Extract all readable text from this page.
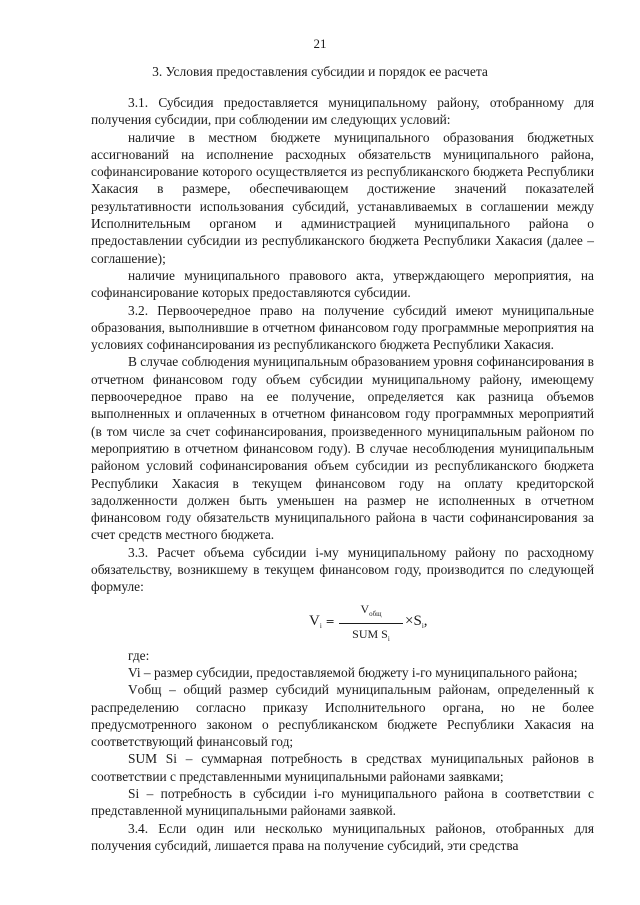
21
3. Условия предоставления субсидии и порядок ее расчета

3.1. Субсидия предоставляется муниципальному району, отобранному для получения субсидии, при соблюдении им следующих условий:

наличие в местном бюджете муниципального образования бюджетных ассигнований на исполнение расходных обязательств муниципального района, софинансирование которого осуществляется из республиканского бюджета Республики Хакасия в размере, обеспечивающем достижение значений показателей результативности использования субсидий, устанавливаемых в соглашении между Исполнительным органом и администрацией муниципального района о предоставлении субсидии из республиканского бюджета Республики Хакасия (далее – соглашение);

наличие муниципального правового акта, утверждающего мероприятия, на софинансирование которых предоставляются субсидии.

3.2. Первоочередное право на получение субсидий имеют муниципальные образования, выполнившие в отчетном финансовом году программные мероприятия на условиях софинансирования из республиканского бюджета Республики Хакасия.

В случае соблюдения муниципальным образованием уровня софинансирования в отчетном финансовом году объем субсидии муниципальному району, имеющему первоочередное право на ее получение, определяется как разница объемов выполненных и оплаченных в отчетном финансовом году программных мероприятий (в том числе за счет софинансирования, произведенного муниципальным районом по мероприятию в отчетном финансовом году). В случае несоблюдения муниципальным районом условий софинансирования объем субсидии из республиканского бюджета Республики Хакасия в текущем финансовом году на оплату кредиторской задолженности должен быть уменьшен на размер не исполненных в отчетном финансовом году обязательств муниципального района в части софинансирования за счет средств местного бюджета.

3.3. Расчет объема субсидии i-му муниципальному району по расходному обязательству, возникшему в текущем финансовом году, производится по следующей формуле:

$V_i$ =
$V_{общ}$
SUM $S_i$
$\times S_i$,

где:

Vi – размер субсидии, предоставляемой бюджету i-го муниципального района;

Vобщ – общий размер субсидий муниципальным районам, определенный к распределению согласно приказу Исполнительного органа, но не более предусмотренного законом о республиканском бюджете Республики Хакасия на соответствующий финансовый год;

SUM Si – суммарная потребность в средствах муниципальных районов в соответствии с представленными муниципальными районами заявками;

Si – потребность в субсидии i-го муниципального района в соответствии с представленной муниципальными районами заявкой.

3.4. Если один или несколько муниципальных районов, отобранных для получения субсидий, лишается права на получение субсидий, эти средства
